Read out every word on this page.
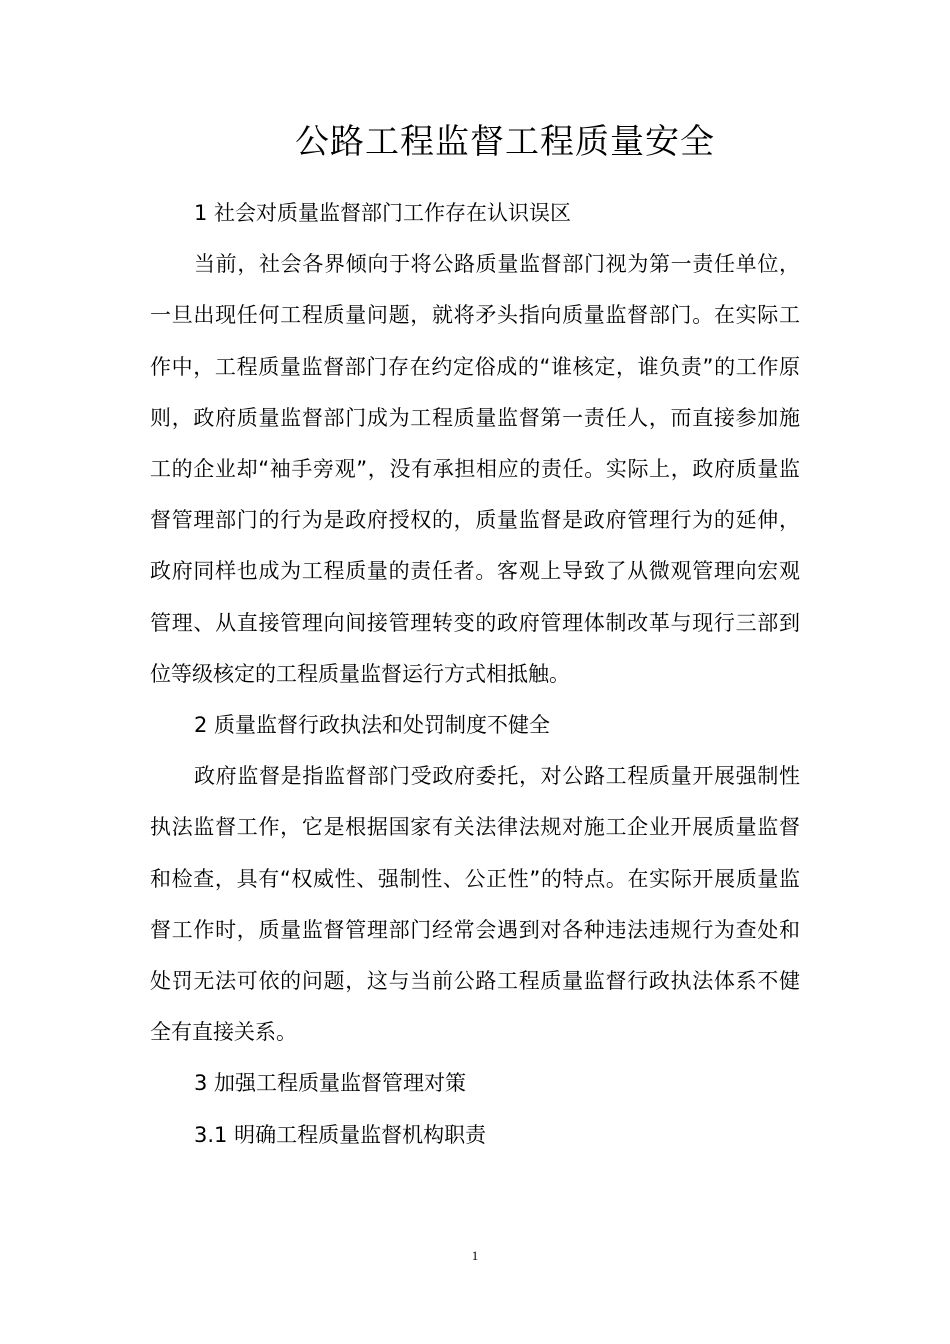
公路工程监督工程质量安全

1 社会对质量监督部门工作存在认识误区

当前，社会各界倾向于将公路质量监督部门视为第一责任单位，一旦出现任何工程质量问题，就将矛头指向质量监督部门。在实际工作中，工程质量监督部门存在约定俗成的“谁核定，谁负责”的工作原则，政府质量监督部门成为工程质量监督第一责任人，而直接参加施工的企业却“袖手旁观”，没有承担相应的责任。实际上，政府质量监督管理部门的行为是政府授权的，质量监督是政府管理行为的延伸，政府同样也成为工程质量的责任者。客观上导致了从微观管理向宏观管理、从直接管理向间接管理转变的政府管理体制改革与现行三部到位等级核定的工程质量监督运行方式相抵触。

2 质量监督行政执法和处罚制度不健全

政府监督是指监督部门受政府委托，对公路工程质量开展强制性执法监督工作，它是根据国家有关法律法规对施工企业开展质量监督和检查，具有“权威性、强制性、公正性”的特点。在实际开展质量监督工作时，质量监督管理部门经常会遇到对各种违法违规行为查处和处罚无法可依的问题，这与当前公路工程质量监督行政执法体系不健全有直接关系。

3 加强工程质量监督管理对策

3.1 明确工程质量监督机构职责

1
